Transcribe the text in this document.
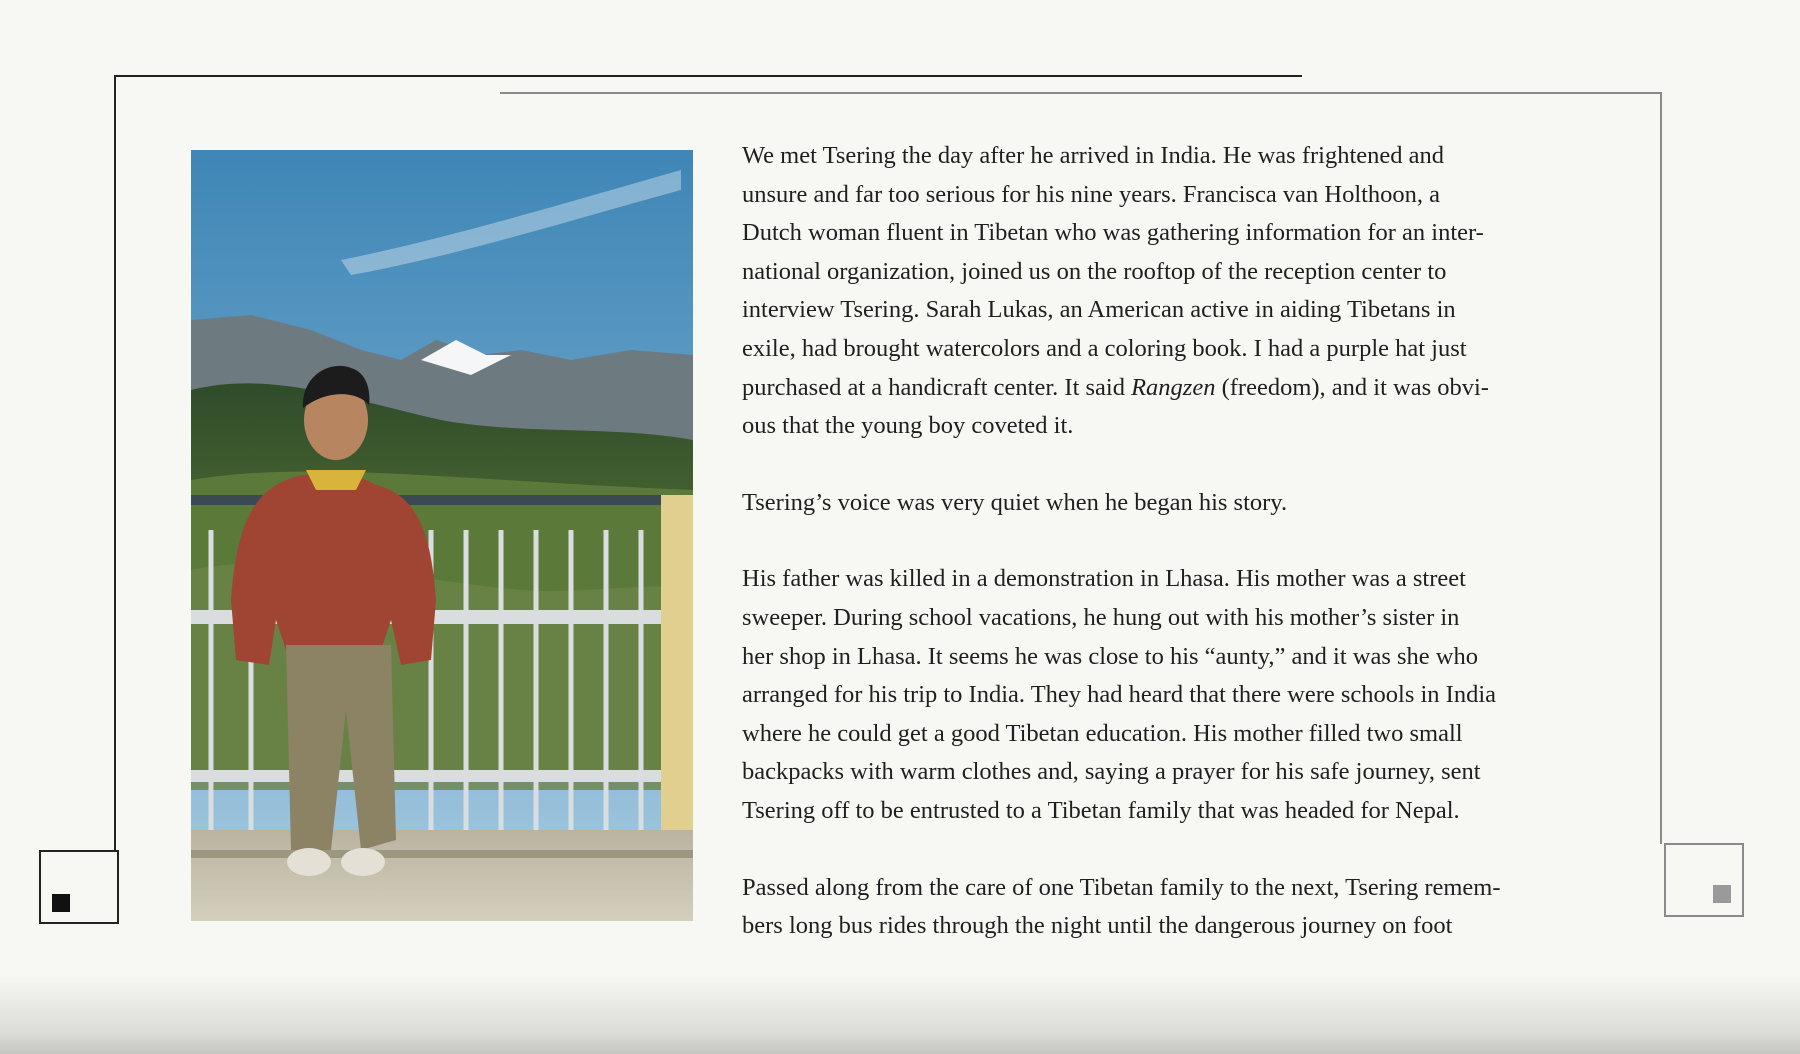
We met Tsering the day after he arrived in India. He was frightened and
unsure and far too serious for his nine years. Francisca van Holthoon, a
Dutch woman fluent in Tibetan who was gathering information for an inter-
national organization, joined us on the rooftop of the reception center to
interview Tsering. Sarah Lukas, an American active in aiding Tibetans in
exile, had brought watercolors and a coloring book. I had a purple hat just
purchased at a handicraft center. It said Rangzen (freedom), and it was obvi-
ous that the young boy coveted it.

Tsering’s voice was very quiet when he began his story.

His father was killed in a demonstration in Lhasa. His mother was a street
sweeper. During school vacations, he hung out with his mother’s sister in
her shop in Lhasa. It seems he was close to his “aunty,” and it was she who
arranged for his trip to India. They had heard that there were schools in India
where he could get a good Tibetan education. His mother filled two small
backpacks with warm clothes and, saying a prayer for his safe journey, sent
Tsering off to be entrusted to a Tibetan family that was headed for Nepal.

Passed along from the care of one Tibetan family to the next, Tsering remem-
bers long bus rides through the night until the dangerous journey on foot
